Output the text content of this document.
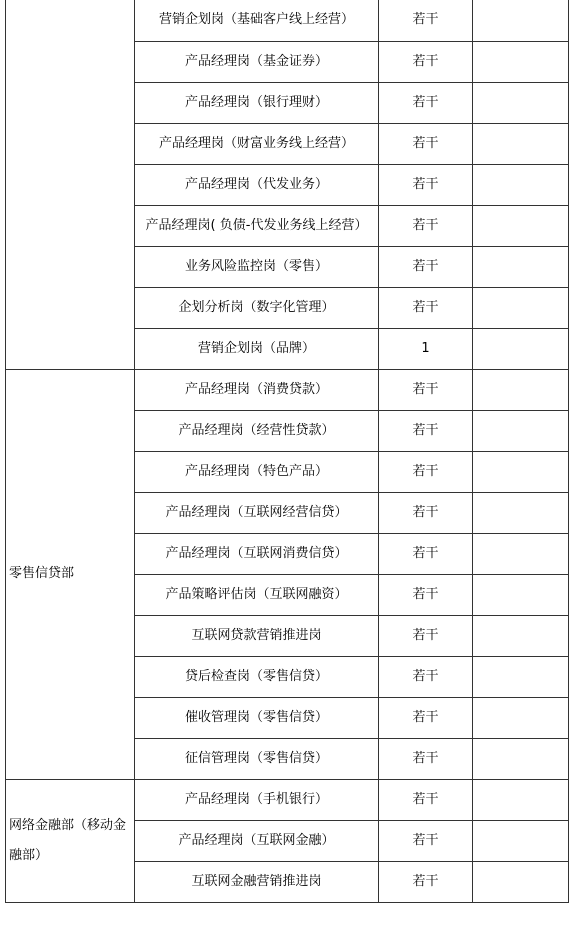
	营销企划岗（基础客户线上经营）	若干	
	产品经理岗（基金证券）	若干	
	产品经理岗（银行理财）	若干	
	产品经理岗（财富业务线上经营）	若干	
	产品经理岗（代发业务）	若干	
	产品经理岗( 负债-代发业务线上经营）	若干	
	业务风险监控岗（零售）	若干	
	企划分析岗（数字化管理）	若干	
	营销企划岗（品牌）	1	
零售信贷部	产品经理岗（消费贷款）	若干	
	产品经理岗（经营性贷款）	若干	
	产品经理岗（特色产品）	若干	
	产品经理岗（互联网经营信贷）	若干	
	产品经理岗（互联网消费信贷）	若干	
	产品策略评估岗（互联网融资）	若干	
	互联网贷款营销推进岗	若干	
	贷后检查岗（零售信贷）	若干	
	催收管理岗（零售信贷）	若干	
	征信管理岗（零售信贷）	若干	
网络金融部（移动金融部）	产品经理岗（手机银行）	若干	
	产品经理岗（互联网金融）	若干	
	互联网金融营销推进岗	若干	
